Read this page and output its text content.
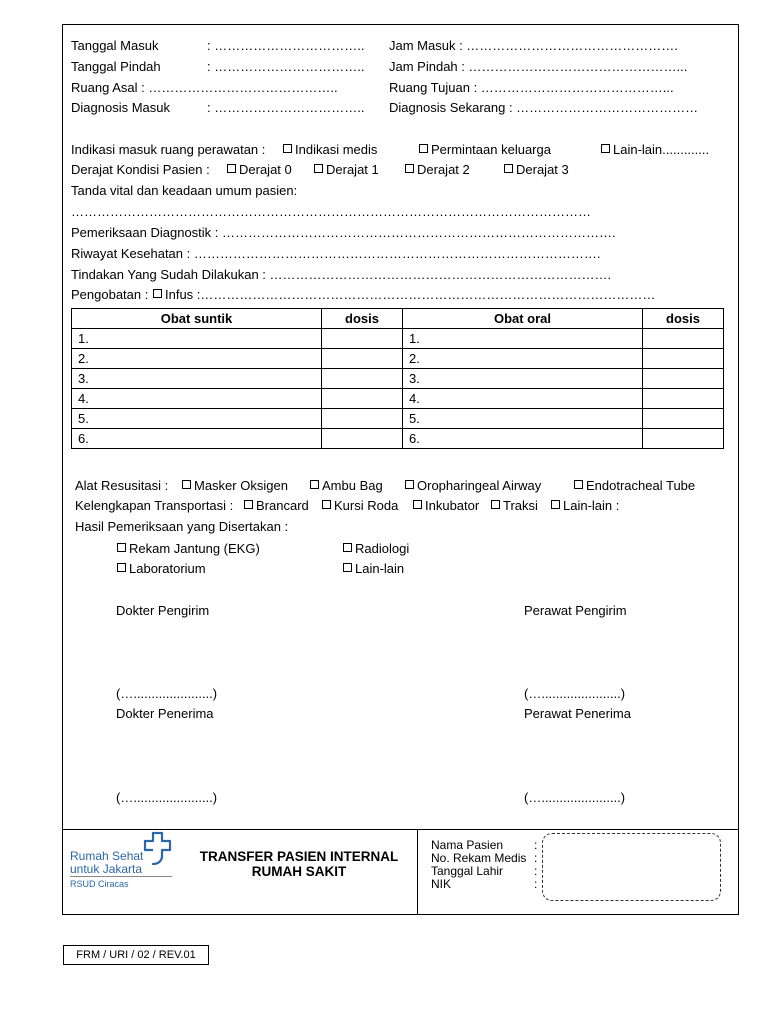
Tanggal Masuk	: …………………………….. Jam Masuk : ………………………………………….
Tanggal Pindah	: …………………………….. Jam Pindah : …………………………………………...
Ruang Asal : ……………………………………..	Ruang Tujuan : ……………………………………...
Diagnosis Masuk	: …………………………….. Diagnosis Sekarang : ……………………………………
Indikasi masuk ruang perawatan :	Indikasi medis	Permintaan keluarga	Lain-lain.............
Derajat Kondisi Pasien :	Derajat 0	Derajat 1	Derajat 2	Derajat 3
Tanda vital dan keadaan umum pasien:
…………………………………………………………………………………………………………
Pemeriksaan Diagnostik : ……………………………………………………………………………….
Riwayat Kesehatan : ………………………………………………………………………………….
Tindakan Yang Sudah Dilakukan : …………………………………………………………………….
Pengobatan : Infus :……………………………………………………………………………………………
Obat suntik	dosis	Obat oral	dosis
1.		1.	
2.		2.	
3.		3.	
4.		4.	
5.		5.	
6.		6.	
Alat Resusitasi :	Masker Oksigen	Ambu Bag	Oropharingeal Airway	Endotracheal Tube
Kelengkapan Transportasi :	Brancard	Kursi Roda	Inkubator	Traksi	Lain-lain :
Hasil Pemeriksaan yang Disertakan :
Rekam Jantung (EKG)	Radiologi
Laboratorium	Lain-lain
Dokter Pengirim	Perawat Pengirim
(…......................)	(…......................)
Dokter Penerima	Perawat Penerima
(…......................)	(…......................)
Rumah Sehat
untuk Jakarta
RSUD Ciracas
TRANSFER PASIEN INTERNAL
RUMAH SAKIT
Nama Pasien	:
No. Rekam Medis :
Tanggal Lahir	:
NIK	:
FRM / URI / 02 / REV.01
